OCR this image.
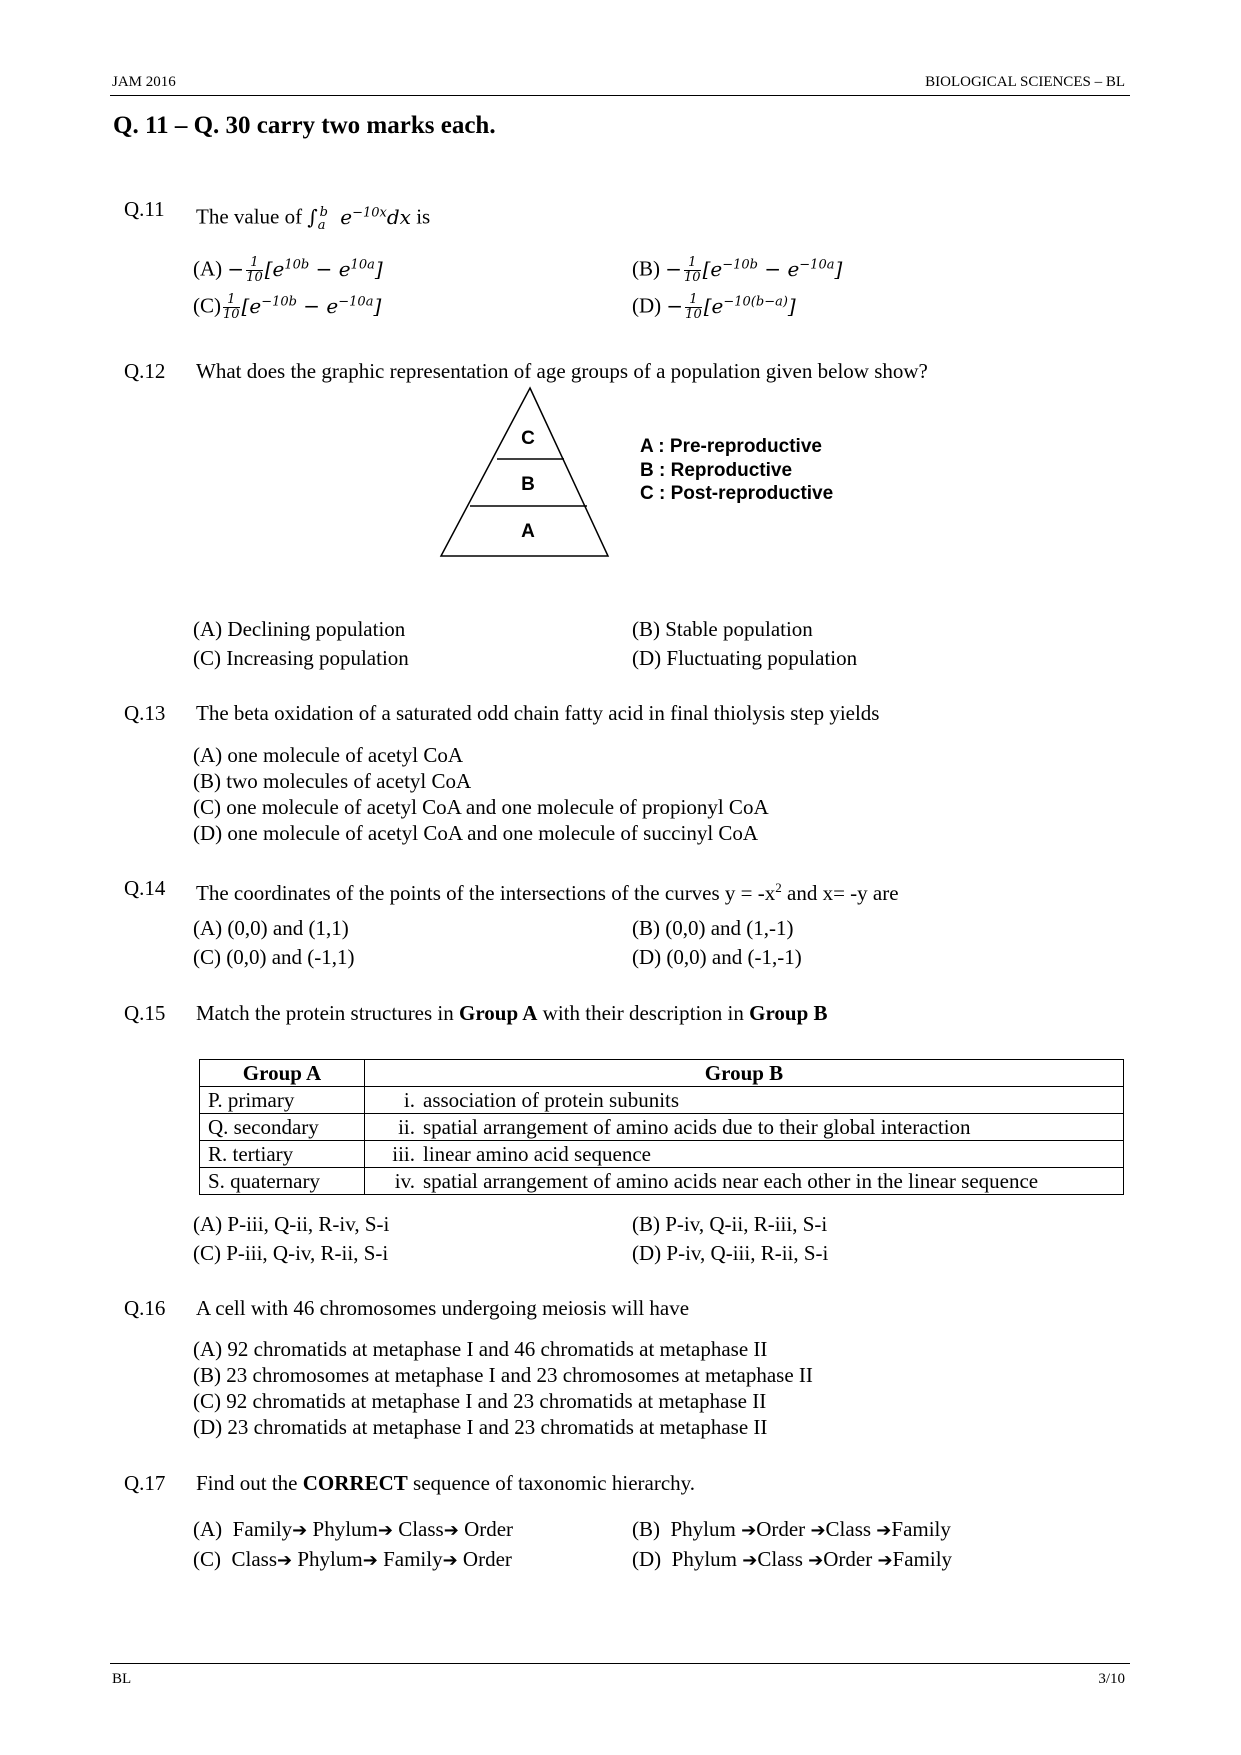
JAM 2016	BIOLOGICAL SCIENCES – BL
Q. 11 – Q. 30 carry two marks each.
Q.11 The value of $\int_a^b$ $e^{-10x}dx$ is
$(A) - \frac{1}{10} [e^{10b} - e^{10a}]$	$(B) - \frac{1}{10} [e^{-10b} - e^{-10a}]$
$(C) \frac{1}{10} [e^{-10b} - e^{-10a}]$	$(D) - \frac{1}{10} [e^{-10(b-a)}]$
Q.12 What does the graphic representation of age groups of a population given below show?
C
B
A
A : Pre-reproductive
B : Reproductive
C : Post-reproductive
(A) Declining population	(B) Stable population
(C) Increasing population	(D) Fluctuating population
Q.13 The beta oxidation of a saturated odd chain fatty acid in final thiolysis step yields
(A) one molecule of acetyl CoA
(B) two molecules of acetyl CoA
(C) one molecule of acetyl CoA and one molecule of propionyl CoA
(D) one molecule of acetyl CoA and one molecule of succinyl CoA
Q.14 The coordinates of the points of the intersections of the curves $y = -x^2$ and x= -y are
(A) (0,0) and (1,1)	(B) (0,0) and (1,-1)
(C) (0,0) and (-1,1)	(D) (0,0) and (-1,-1)
Q.15 Match the protein structures in Group A with their description in Group B
Group A	Group B
P. primary	i. association of protein subunits
Q. secondary	ii. spatial arrangement of amino acids due to their global interaction
R. tertiary	iii. linear amino acid sequence
S. quaternary	iv. spatial arrangement of amino acids near each other in the linear sequence
(A) P-iii, Q-ii, R-iv, S-i	(B) P-iv, Q-ii, R-iii, S-i
(C) P-iii, Q-iv, R-ii, S-i	(D) P-iv, Q-iii, R-ii, S-i
Q.16 A cell with 46 chromosomes undergoing meiosis will have
(A) 92 chromatids at metaphase I and 46 chromatids at metaphase II
(B) 23 chromosomes at metaphase I and 23 chromosomes at metaphase II
(C) 92 chromatids at metaphase I and 23 chromatids at metaphase II
(D) 23 chromatids at metaphase I and 23 chromatids at metaphase II
Q.17 Find out the CORRECT sequence of taxonomic hierarchy.
(A) Family➔ Phylum➔ Class➔ Order	(B) Phylum ➔Order ➔Class ➔Family
(C) Class➔ Phylum➔ Family➔ Order	(D) Phylum ➔Class ➔Order ➔Family
BL	3/10
